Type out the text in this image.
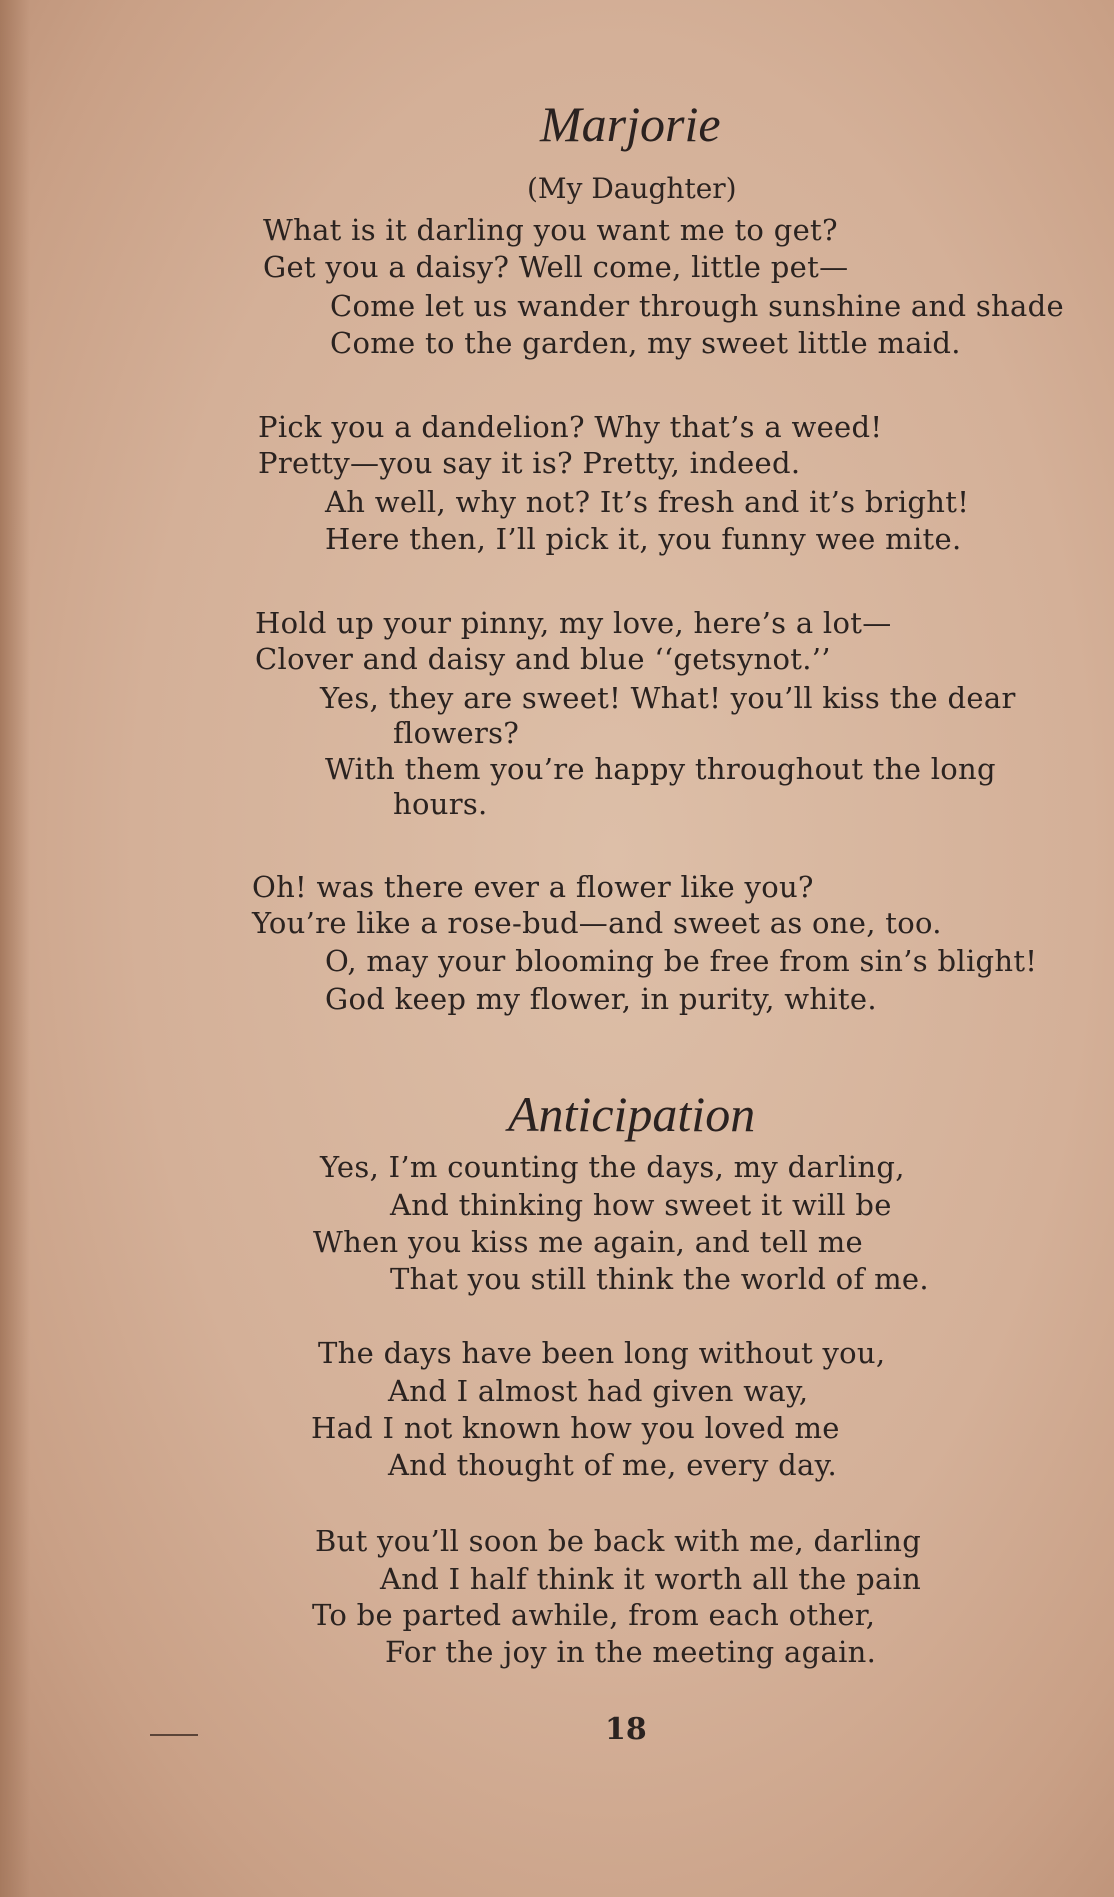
Marjorie
(My Daughter)
What is it darling you want me to get?
Get you a daisy? Well come, little pet—
Come let us wander through sunshine and shade
Come to the garden, my sweet little maid.
Pick you a dandelion? Why that’s a weed!
Pretty—you say it is? Pretty, indeed.
Ah well, why not? It’s fresh and it’s bright!
Here then, I’ll pick it, you funny wee mite.
Hold up your pinny, my love, here’s a lot—
Clover and daisy and blue ‘‘getsynot.’’
Yes, they are sweet! What! you’ll kiss the dear
flowers?
With them you’re happy throughout the long
hours.
Oh! was there ever a flower like you?
You’re like a rose-bud—and sweet as one, too.
O, may your blooming be free from sin’s blight!
God keep my flower, in purity, white.
Anticipation
Yes, I’m counting the days, my darling,
And thinking how sweet it will be
When you kiss me again, and tell me
That you still think the world of me.
The days have been long without you,
And I almost had given way,
Had I not known how you loved me
And thought of me, every day.
But you’ll soon be back with me, darling
And I half think it worth all the pain
To be parted awhile, from each other,
For the joy in the meeting again.
18
